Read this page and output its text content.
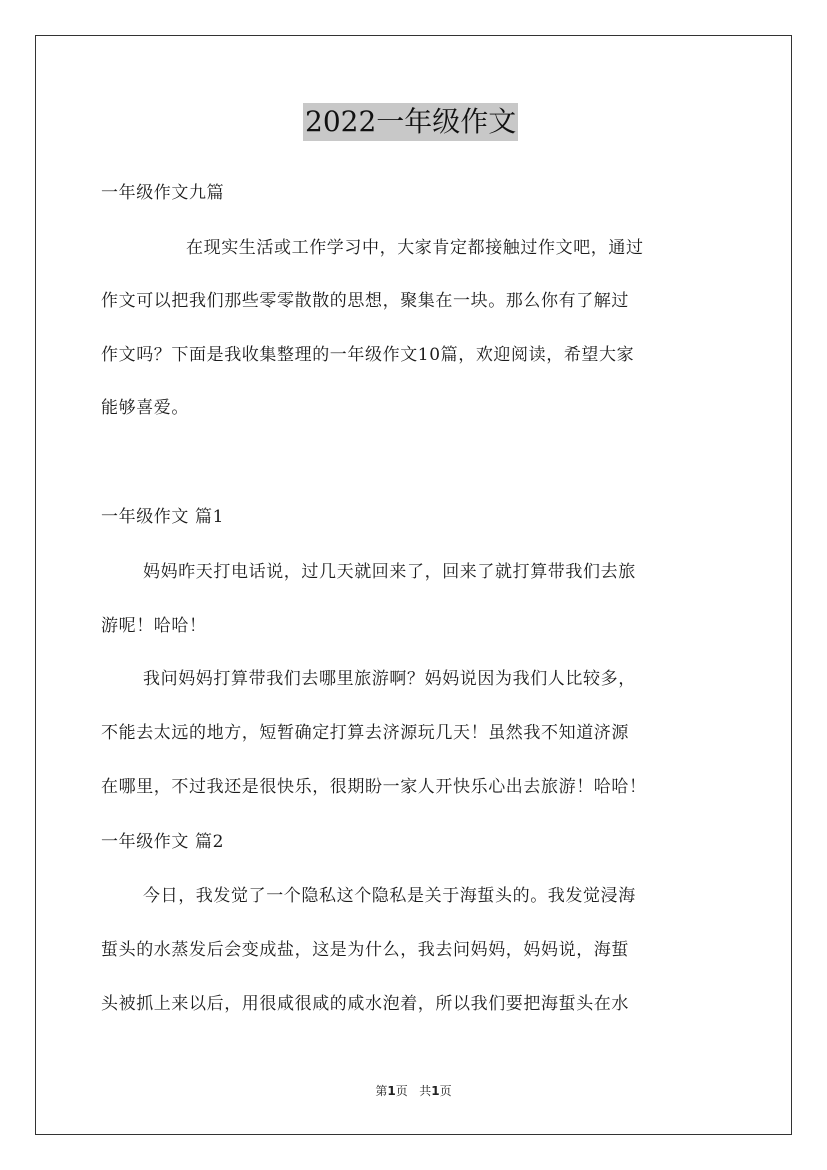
2022一年级作文
一年级作文九篇
在现实生活或工作学习中，大家肯定都接触过作文吧，通过
作文可以把我们那些零零散散的思想，聚集在一块。那么你有了解过
作文吗？下面是我收集整理的一年级作文10篇，欢迎阅读，希望大家
能够喜爱。
一年级作文 篇1
妈妈昨天打电话说，过几天就回来了，回来了就打算带我们去旅
游呢！哈哈！
我问妈妈打算带我们去哪里旅游啊？妈妈说因为我们人比较多，
不能去太远的地方，短暂确定打算去济源玩几天！虽然我不知道济源
在哪里，不过我还是很快乐，很期盼一家人开快乐心出去旅游！哈哈！
一年级作文 篇2
今日，我发觉了一个隐私这个隐私是关于海蜇头的。我发觉浸海
蜇头的水蒸发后会变成盐，这是为什么，我去问妈妈，妈妈说，海蜇
头被抓上来以后，用很咸很咸的咸水泡着，所以我们要把海蜇头在水
第1页 共1页
